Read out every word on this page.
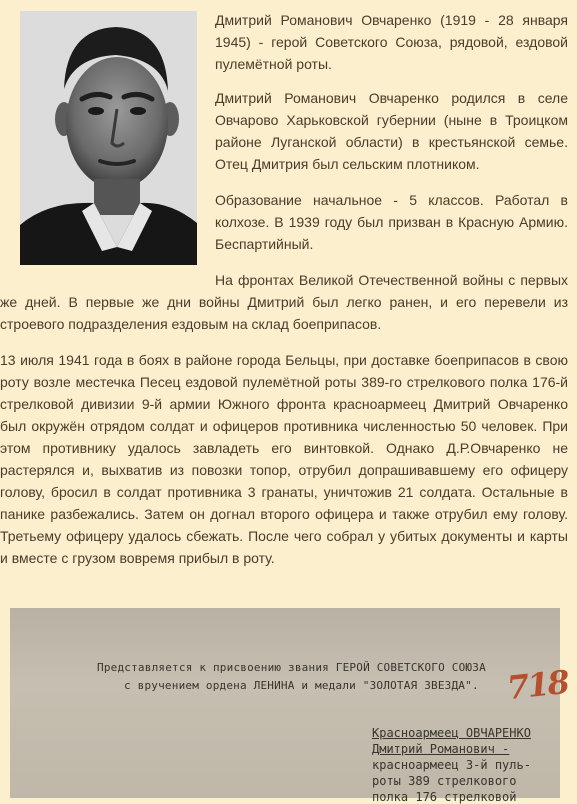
Дмитрий Романович Овчаренко (1919 - 28 января 1945) - герой Советского Союза, рядовой, ездовой пулемётной роты.

Дмитрий Романович Овчаренко родился в селе Овчарово Харьковской губернии (ныне в Троицком районе Луганской области) в крестьянской семье. Отец Дмитрия был сельским плотником.

Образование начальное - 5 классов. Работал в колхозе. В 1939 году был призван в Красную Армию. Беспартийный.

На фронтах Великой Отечественной войны с первых же дней. В первые же дни войны Дмитрий был легко ранен, и его перевели из строевого подразделения ездовым на склад боеприпасов.

13 июля 1941 года в боях в районе города Бельцы, при доставке боеприпасов в свою роту возле местечка Песец ездовой пулемётной роты 389-го стрелкового полка 176-й стрелковой дивизии 9-й армии Южного фронта красноармеец Дмитрий Овчаренко был окружён отрядом солдат и офицеров противника численностью 50 человек. При этом противнику удалось завладеть его винтовкой. Однако Д.Р.Овчаренко не растерялся и, выхватив из повозки топор, отрубил допрашивавшему его офицеру голову, бросил в солдат противника 3 гранаты, уничтожив 21 солдата. Остальные в панике разбежались. Затем он догнал второго офицера и также отрубил ему голову. Третьему офицеру удалось сбежать. После чего собрал у убитых документы и карты и вместе с грузом вовремя прибыл в роту.

Представляется к присвоению звания ГЕРОЙ СОВЕТСКОГО СОЮЗА
с вручением ордена ЛЕНИНА и медали "ЗОЛОТАЯ ЗВЕЗДА". 718
Красноармеец ОВЧАРЕНКО
Дмитрий Романович -
красноармеец 3-й пуль-
роты 389 стрелкового
полка 176 стрелковой
